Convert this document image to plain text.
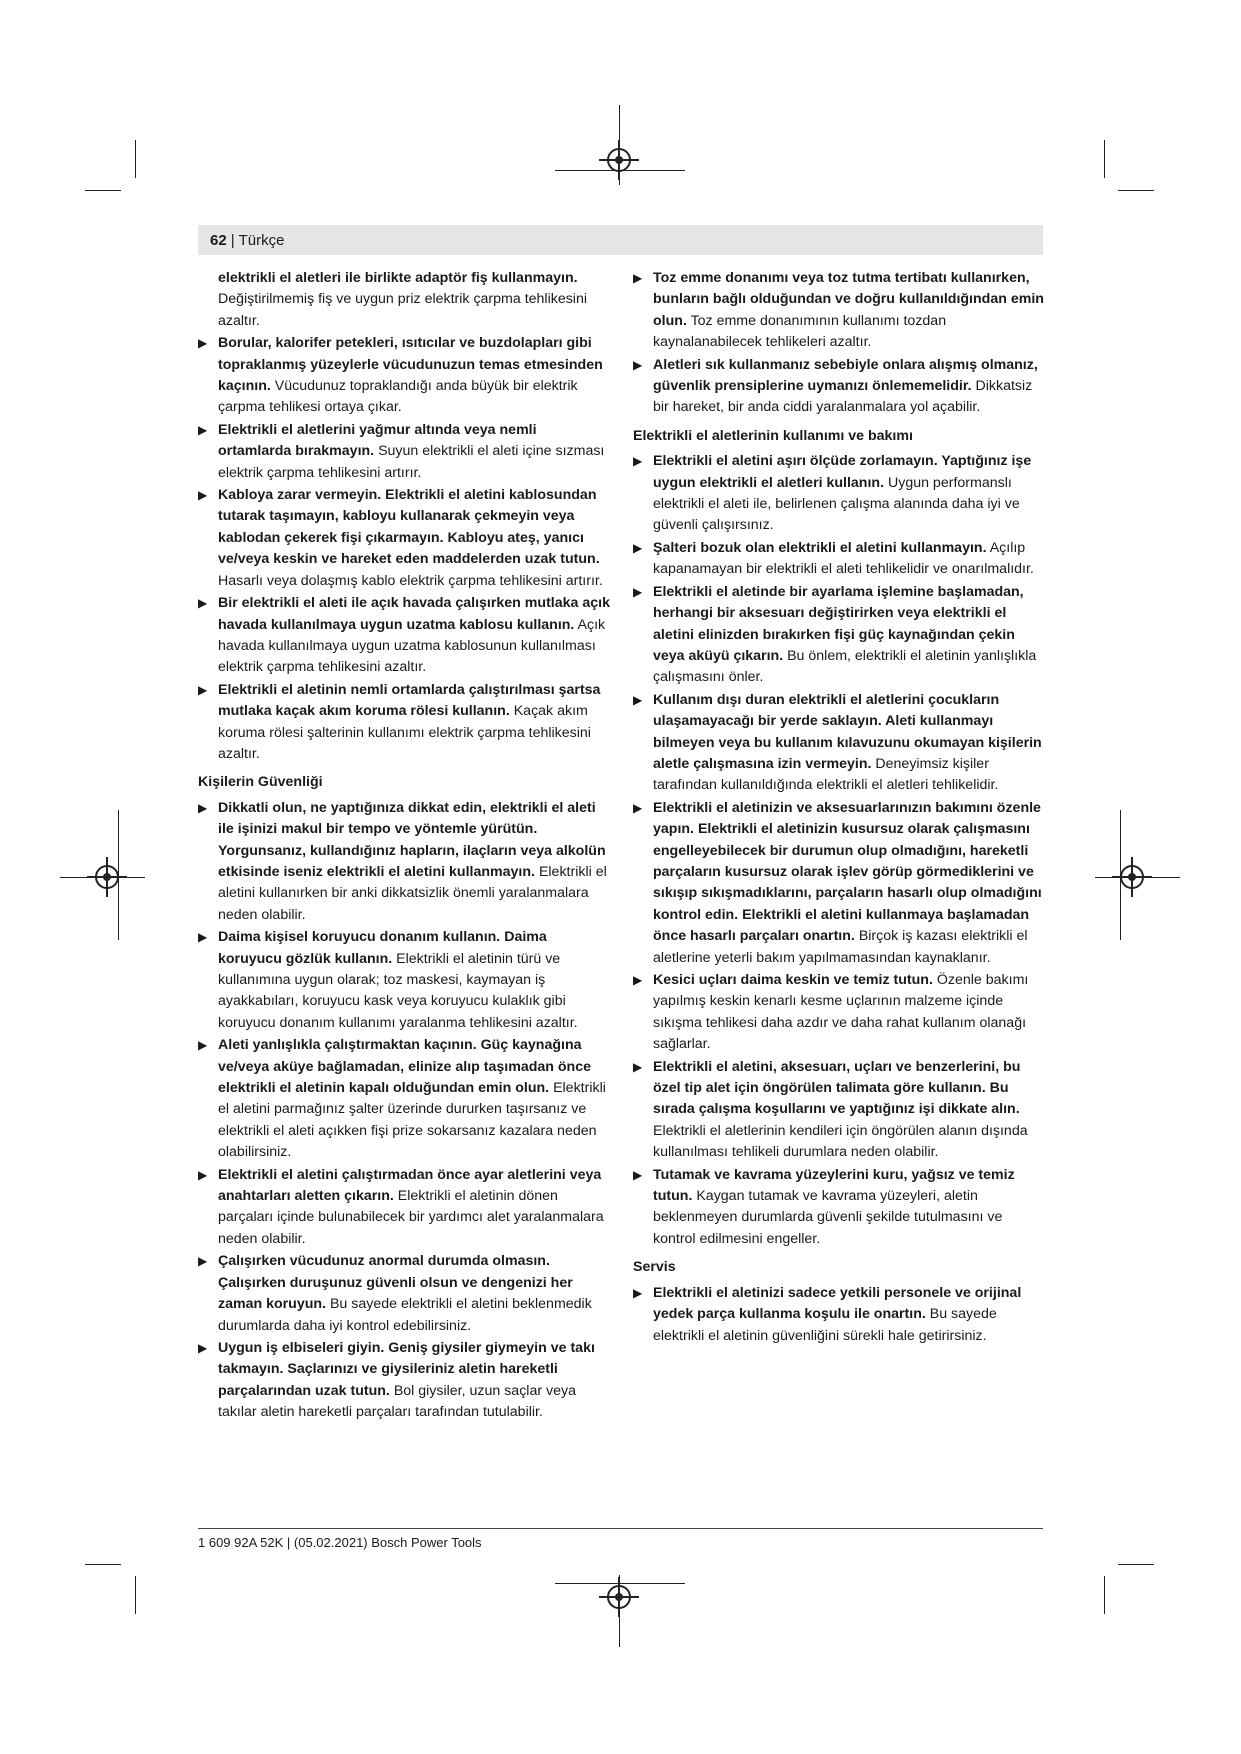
62 | Türkçe
elektrikli el aletleri ile birlikte adaptör fiş kullanmayın. Değiştirilmemiş fiş ve uygun priz elektrik çarpma tehlikesini azaltır.
▶ Borular, kalorifer petekleri, ısıtıcılar ve buzdolapları gibi topraklanmış yüzeylerle vücudunuzun temas etmesinden kaçının. Vücudunuz topraklandığı anda büyük bir elektrik çarpma tehlikesi ortaya çıkar.
▶ Elektrikli el aletlerini yağmur altında veya nemli ortamlarda bırakmayın. Suyun elektrikli el aleti içine sızması elektrik çarpma tehlikesini artırır.
▶ Kabloya zarar vermeyin. Elektrikli el aletini kablosundan tutarak taşımayın, kabloyu kullanarak çekmeyin veya kablodan çekerek fişi çıkarmayın. Kabloyu ateş, yanıcı ve/veya keskin ve hareket eden maddelerden uzak tutun. Hasarlı veya dolaşmış kablo elektrik çarpma tehlikesini artırır.
▶ Bir elektrikli el aleti ile açık havada çalışırken mutlaka açık havada kullanılmaya uygun uzatma kablosu kullanın. Açık havada kullanılmaya uygun uzatma kablosunun kullanılması elektrik çarpma tehlikesini azaltır.
▶ Elektrikli el aletinin nemli ortamlarda çalıştırılması şartsa mutlaka kaçak akım koruma rölesi kullanın. Kaçak akım koruma rölesi şalterinin kullanımı elektrik çarpma tehlikesini azaltır.
Kişilerin Güvenliği
▶ Dikkatli olun, ne yaptığınıza dikkat edin, elektrikli el aleti ile işinizi makul bir tempo ve yöntemle yürütün. Yorgunsanız, kullandığınız hapların, ilaçların veya alkolün etkisinde iseniz elektrikli el aletini kullanmayın. Elektrikli el aletini kullanırken bir anki dikkatsizlik önemli yaralanmalara neden olabilir.
▶ Daima kişisel koruyucu donanım kullanın. Daima koruyucu gözlük kullanın. Elektrikli el aletinin türü ve kullanımına uygun olarak; toz maskesi, kaymayan iş ayakkabıları, koruyucu kask veya koruyucu kulaklık gibi koruyucu donanım kullanımı yaralanma tehlikesini azaltır.
▶ Aleti yanlışlıkla çalıştırmaktan kaçının. Güç kaynağına ve/veya aküye bağlamadan, elinize alıp taşımadan önce elektrikli el aletinin kapalı olduğundan emin olun. Elektrikli el aletini parmağınız şalter üzerinde dururken taşırsanız ve elektrikli el aleti açıkken fişi prize sokarsanız kazalara neden olabilirsiniz.
▶ Elektrikli el aletini çalıştırmadan önce ayar aletlerini veya anahtarları aletten çıkarın. Elektrikli el aletinin dönen parçaları içinde bulunabilecek bir yardımcı alet yaralanmalara neden olabilir.
▶ Çalışırken vücudunuz anormal durumda olmasın. Çalışırken duruşunuz güvenli olsun ve dengenizi her zaman koruyun. Bu sayede elektrikli el aletini beklenmedik durumlarda daha iyi kontrol edebilirsiniz.
▶ Uygun iş elbiseleri giyin. Geniş giysiler giymeyin ve takı takmayın. Saçlarınızı ve giysileriniz aletin hareketli parçalarından uzak tutun. Bol giysiler, uzun saçlar veya takılar aletin hareketli parçaları tarafından tutulabilir.
▶ Toz emme donanımı veya toz tutma tertibatı kullanırken, bunların bağlı olduğundan ve doğru kullanıldığından emin olun. Toz emme donanımının kullanımı tozdan kaynalanabilecek tehlikeleri azaltır.
▶ Aletleri sık kullanmanız sebebiyle onlara alışmış olmanız, güvenlik prensiplerine uymanızı önlememelidir. Dikkatsiz bir hareket, bir anda ciddi yaralanmalara yol açabilir.
Elektrikli el aletlerinin kullanımı ve bakımı
▶ Elektrikli el aletini aşırı ölçüde zorlamayın. Yaptığınız işe uygun elektrikli el aletleri kullanın. Uygun performanslı elektrikli el aleti ile, belirlenen çalışma alanında daha iyi ve güvenli çalışırsınız.
▶ Şalteri bozuk olan elektrikli el aletini kullanmayın. Açılıp kapanamayan bir elektrikli el aleti tehlikelidir ve onarılmalıdır.
▶ Elektrikli el aletinde bir ayarlama işlemine başlamadan, herhangi bir aksesuarı değiştirirken veya elektrikli el aletini elinizden bırakırken fişi güç kaynağından çekin veya aküyü çıkarın. Bu önlem, elektrikli el aletinin yanlışlıkla çalışmasını önler.
▶ Kullanım dışı duran elektrikli el aletlerini çocukların ulaşamayacağı bir yerde saklayın. Aleti kullanmayı bilmeyen veya bu kullanım kılavuzunu okumayan kişilerin aletle çalışmasına izin vermeyin. Deneyimsiz kişiler tarafından kullanıldığında elektrikli el aletleri tehlikelidir.
▶ Elektrikli el aletinizin ve aksesuarlarınızın bakımını özenle yapın. Elektrikli el aletinizin kusursuz olarak çalışmasını engelleyebilecek bir durumun olup olmadığını, hareketli parçaların kusursuz olarak işlev görüp görmediklerini ve sıkışıp sıkışmadıklarını, parçaların hasarlı olup olmadığını kontrol edin. Elektrikli el aletini kullanmaya başlamadan önce hasarlı parçaları onartın. Birçok iş kazası elektrikli el aletlerine yeterli bakım yapılmamasından kaynaklanır.
▶ Kesici uçları daima keskin ve temiz tutun. Özenle bakımı yapılmış keskin kenarlı kesme uçlarının malzeme içinde sıkışma tehlikesi daha azdır ve daha rahat kullanım olanağı sağlarlar.
▶ Elektrikli el aletini, aksesuarı, uçları ve benzerlerini, bu özel tip alet için öngörülen talimata göre kullanın. Bu sırada çalışma koşullarını ve yaptığınız işi dikkate alın. Elektrikli el aletlerinin kendileri için öngörülen alanın dışında kullanılması tehlikeli durumlara neden olabilir.
▶ Tutamak ve kavrama yüzeylerini kuru, yağsız ve temiz tutun. Kaygan tutamak ve kavrama yüzeyleri, aletin beklenmeyen durumlarda güvenli şekilde tutulmasını ve kontrol edilmesini engeller.
Servis
▶ Elektrikli el aletinizi sadece yetkili personele ve orijinal yedek parça kullanma koşulu ile onartın. Bu sayede elektrikli el aletinin güvenliğini sürekli hale getirirsiniz.
1 609 92A 52K | (05.02.2021) Bosch Power Tools
